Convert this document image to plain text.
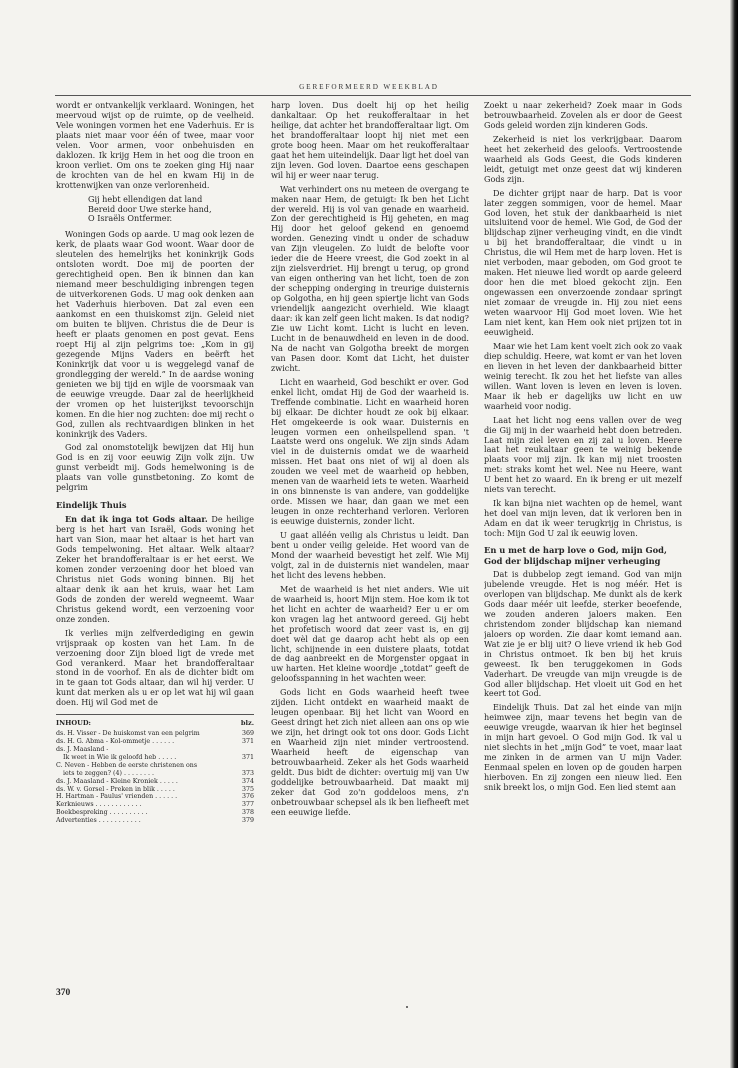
GEREFORMEERD WEEKBLAD

wordt er ontvankelijk verklaard. Woningen, het meervoud wijst op de ruimte, op de veelheid. Vele woningen vormen het ene Vaderhuis. Er is plaats niet maar voor één of twee, maar voor velen. Voor armen, voor onbehuisden en daklozen. Ik krijg Hem in het oog die troon en kroon verliet. Om ons te zoeken ging Hij naar de krochten van de hel en kwam Hij in de krottenwijken van onze verlorenheid.

Gij hebt ellendigen dat land
Bereid door Uwe sterke hand,
O Israëls Ontfermer.

Woningen Gods op aarde. U mag ook lezen de kerk, de plaats waar God woont. Waar door de sleutelen des hemelrijks het koninkrijk Gods ontsloten wordt. Doe mij de poorten der gerechtigheid open. Ben ik binnen dan kan niemand meer beschuldiging inbrengen tegen de uitverkorenen Gods. U mag ook denken aan het Vaderhuis hierboven. Dat zal even een aankomst en een thuiskomst zijn. Geleid niet om buiten te blijven. Christus die de Deur is heeft er plaats genomen en post gevat. Eens roept Hij al zijn pelgrims toe: „Kom in gij gezegende Mijns Vaders en beërft het Koninkrijk dat voor u is weggelegd vanaf de grondlegging der wereld.” In de aardse woning genieten we bij tijd en wijle de voorsmaak van de eeuwige vreugde. Daar zal de heerlijkheid der vromen op het luisterijkst tevoorschijn komen. En die hier nog zuchten: doe mij recht o God, zullen als rechtvaardigen blinken in het koninkrijk des Vaders.

God zal onomstotelijk bewijzen dat Hij hun God is en zij voor eeuwig Zijn volk zijn. Uw gunst verbeidt mij. Gods hemelwoning is de plaats van volle gunstbetoning. Zo komt de pelgrim

Eindelijk Thuis

En dat ik inga tot Gods altaar. De heilige berg is het hart van Israël, Gods woning het hart van Sion, maar het altaar is het hart van Gods tempelwoning. Het altaar. Welk altaar? Zeker het brandofferaltaar is er het eerst. We komen zonder verzoening door het bloed van Christus niet Gods woning binnen. Bij het altaar denk ik aan het kruis, waar het Lam Gods de zonden der wereld wegneemt. Waar Christus gekend wordt, een verzoening voor onze zonden.

Ik verlies mijn zelfverdediging en gewin vrijspraak op kosten van het Lam. In de verzoening door Zijn bloed ligt de vrede met God verankerd. Maar het brandofferaltaar stond in de voorhof. En als de dichter bidt om in te gaan tot Gods altaar, dan wil hij verder. U kunt dat merken als u er op let wat hij wil gaan doen. Hij wil God met de

INHOUD:	blz.
ds. H. Visser - De huiskomst van een pelgrim	369
ds. H. G. Abma - Kol-ommetje . . . . . .	371
ds. J. Maasland -
Ik weet in Wie ik geloofd heb . . . . .	371
C. Neven - Hebben de eerste christenen ons
iets te zeggen? (4) . . . . . . . .	373
ds. J. Maasland - Kleine Kroniek . . . . .	374
ds. W. v. Gorsel - Preken in blik . . . . .	375
H. Hartman - Paulus' vrienden . . . . . .	376
Kerknieuws . . . . . . . . . . . .	377
Boekbespreking . . . . . . . . . .	378
Advertenties . . . . . . . . . . .	379

harp loven. Dus doelt hij op het heilig dankaltaar. Op het reukofferaltaar in het heilige, dat achter het brandofferaltaar ligt. Om het brandofferaltaar loopt hij niet met een grote boog heen. Maar om het reukofferaltaar gaat het hem uiteindelijk. Daar ligt het doel van zijn leven. God loven. Daartoe eens geschapen wil hij er weer naar terug.

Wat verhindert ons nu meteen de overgang te maken naar Hem, de getuigt: Ik ben het Licht der wereld. Hij is vol van genade en waarheid. Zon der gerechtigheid is Hij geheten, en mag Hij door het geloof gekend en genoemd worden. Genezing vindt u onder de schaduw van Zijn vleugelen. Zo luidt de belofte voor ieder die de Heere vreest, die God zoekt in al zijn zielsverdriet. Hij brengt u terug, op grond van eigen onthering van het licht, toen de zon der schepping onderging in treurige duisternis op Golgotha, en hij geen spiertje licht van Gods vriendelijk aangezicht overhield. Wie klaagt daar: ik kan zelf geen licht maken. Is dat nodig? Zie uw Licht komt. Licht is lucht en leven. Lucht in de benauwdheid en leven in de dood. Na de nacht van Golgotha breekt de morgen van Pasen door. Komt dat Licht, het duister zwicht.

Licht en waarheid, God beschikt er over. God enkel licht, omdat Hij de God der waarheid is. Treffende combinatie. Licht en waarheid horen bij elkaar. De dichter houdt ze ook bij elkaar. Het omgekeerde is ook waar. Duisternis en leugen vormen een onheilspellend span. 't Laatste werd ons ongeluk. We zijn sinds Adam viel in de duisternis omdat we de waarheid missen. Het baat ons niet of wij al doen als zouden we veel met de waarheid op hebben, menen van de waarheid iets te weten. Waarheid in ons binnenste is van andere, van goddelijke orde. Missen we haar, dan gaan we met een leugen in onze rechterhand verloren. Verloren is eeuwige duisternis, zonder licht.

U gaat alléén veilig als Christus u leidt. Dan bent u onder veilig geleide. Het woord van de Mond der waarheid bevestigt het zelf. Wie Mij volgt, zal in de duisternis niet wandelen, maar het licht des levens hebben.

Met de waarheid is het niet anders. Wie uit de waarheid is, hoort Mijn stem. Hoe kom ik tot het licht en achter de waarheid? Eer u er om kon vragen lag het antwoord gereed. Gij hebt het profetisch woord dat zeer vast is, en gij doet wèl dat ge daarop acht hebt als op een licht, schijnende in een duistere plaats, totdat de dag aanbreekt en de Morgenster opgaat in uw harten. Het kleine woordje „totdat” geeft de geloofsspanning in het wachten weer.

Gods licht en Gods waarheid heeft twee zijden. Licht ontdekt en waarheid maakt de leugen openbaar. Bij het licht van Woord en Geest dringt het zich niet alleen aan ons op wie we zijn, het dringt ook tot ons door. Gods Licht en Waarheid zijn niet minder vertroostend. Waarheid heeft de eigenschap van betrouwbaarheid. Zeker als het Gods waarheid geldt. Dus bidt de dichter: overtuig mij van Uw goddelijke betrouwbaarheid. Dat maakt mij zeker dat God zo'n goddeloos mens, z'n onbetrouwbaar schepsel als ik ben liefheeft met een eeuwige liefde.

Zoekt u naar zekerheid? Zoek maar in Gods betrouwbaarheid. Zovelen als er door de Geest Gods geleid worden zijn kinderen Gods.

Zekerheid is niet los verkrijgbaar. Daarom heet het zekerheid des geloofs. Vertroostende waarheid als Gods Geest, die Gods kinderen leidt, getuigt met onze geest dat wij kinderen Gods zijn.

De dichter grijpt naar de harp. Dat is voor later zeggen sommigen, voor de hemel. Maar God loven, het stuk der dankbaarheid is niet uitsluitend voor de hemel. Wie God, de God der blijdschap zijner verheuging vindt, en die vindt u bij het brandofferaltaar, die vindt u in Christus, die wil Hem met de harp loven. Het is niet verboden, maar geboden, om God groot te maken. Het nieuwe lied wordt op aarde geleerd door hen die met bloed gekocht zijn. Een ongewassen een onverzoende zondaar springt niet zomaar de vreugde in. Hij zou niet eens weten waarvoor Hij God moet loven. Wie het Lam niet kent, kan Hem ook niet prijzen tot in eeuwigheid.

Maar wie het Lam kent voelt zich ook zo vaak diep schuldig. Heere, wat komt er van het loven en lieven in het leven der dankbaarheid bitter weinig terecht. Ik zou het het liefste van alles willen. Want loven is leven en leven is loven. Maar ik heb er dagelijks uw licht en uw waarheid voor nodig.

Laat het licht nog eens vallen over de weg die Gij mij in der waarheid hebt doen betreden. Laat mijn ziel leven en zij zal u loven. Heere laat het reukaltaar geen te weinig bekende plaats voor mij zijn. Ik kan mij niet troosten met: straks komt het wel. Nee nu Heere, want U bent het zo waard. En ik breng er uit mezelf niets van terecht.

Ik kan bijna niet wachten op de hemel, want het doel van mijn leven, dat ik verloren ben in Adam en dat ik weer terugkrijg in Christus, is toch: Mijn God U zal ik eeuwig loven.

En u met de harp love o God, mijn God,
God der blijdschap mijner verheuging

Dat is dubbelop zegt iemand. God van mijn jubelende vreugde. Het is nog méér. Het is overlopen van blijdschap. Me dunkt als de kerk Gods daar méér uit leefde, sterker beoefende, we zouden anderen jaloers maken. Een christendom zonder blijdschap kan niemand jaloers op worden. Zie daar komt iemand aan. Wat zie je er blij uit? O lieve vriend ik heb God in Christus ontmoet. Ik ben bij het kruis geweest. Ik ben teruggekomen in Gods Vaderhart. De vreugde van mijn vreugde is de God aller blijdschap. Het vloeit uit God en het keert tot God.

Eindelijk Thuis. Dat zal het einde van mijn heimwee zijn, maar tevens het begin van de eeuwige vreugde, waarvan ik hier het beginsel in mijn hart gevoel. O God mijn God. Ik val u niet slechts in het „mijn God” te voet, maar laat me zinken in de armen van U mijn Vader. Eenmaal spelen en loven op de gouden harpen hierboven. En zij zongen een nieuw lied. Een snik breekt los, o mijn God. Een lied stemt aan

370
